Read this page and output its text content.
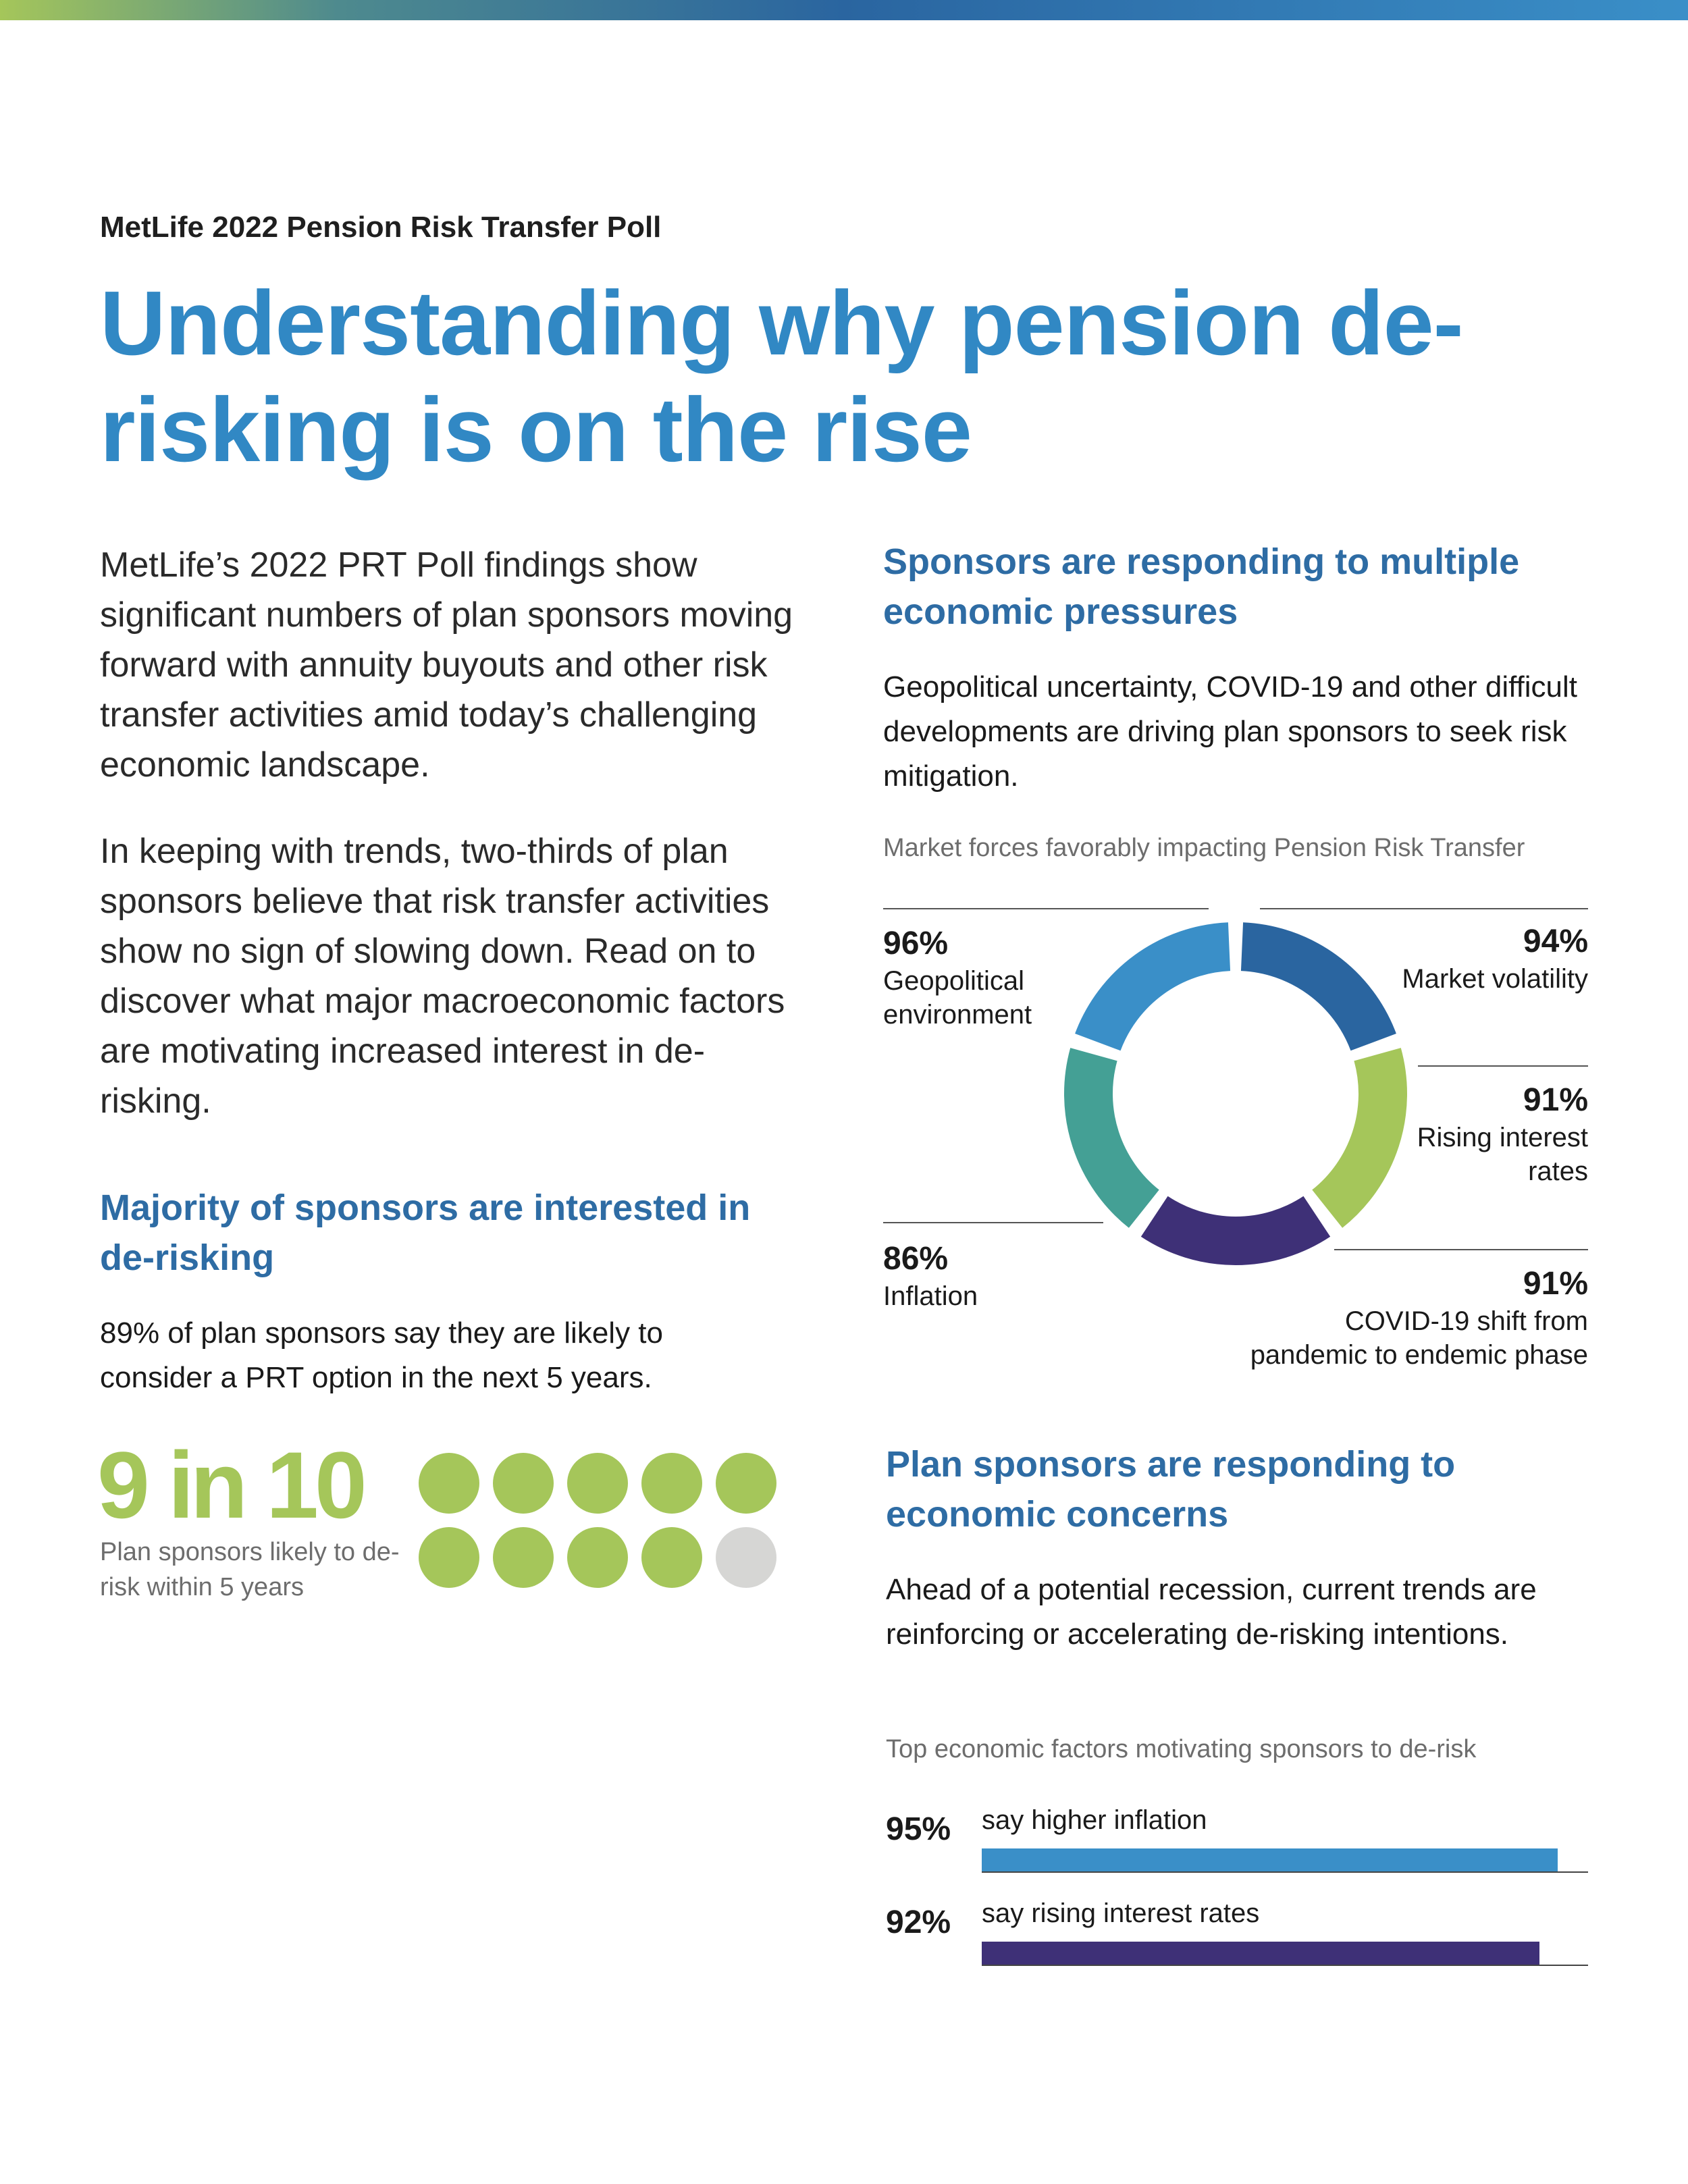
MetLife 2022 Pension Risk Transfer Poll
Understanding why pension de-risking is on the rise

MetLife’s 2022 PRT Poll findings show significant numbers of plan sponsors moving forward with annuity buyouts and other risk transfer activities amid today’s challenging economic landscape.

In keeping with trends, two-thirds of plan sponsors believe that risk transfer activities show no sign of slowing down. Read on to discover what major macroeconomic factors are motivating increased interest in de-risking.

Majority of sponsors are interested in de-risking

89% of plan sponsors say they are likely to consider a PRT option in the next 5 years.

9 in 10
Plan sponsors likely to de-risk within 5 years
Sponsors are responding to multiple economic pressures

Geopolitical uncertainty, COVID-19 and other difficult developments are driving plan sponsors to seek risk mitigation.

Market forces favorably impacting Pension Risk Transfer
96%
Geopolitical environment
94%
Market volatility
91%
Rising interest rates
86%
Inflation	91%
COVID-19 shift from pandemic to endemic phase
Plan sponsors are responding to economic concerns

Ahead of a potential recession, current trends are reinforcing or accelerating de-risking intentions.

Top economic factors motivating sponsors to de-risk
95% say higher inflation
92% say rising interest rates
